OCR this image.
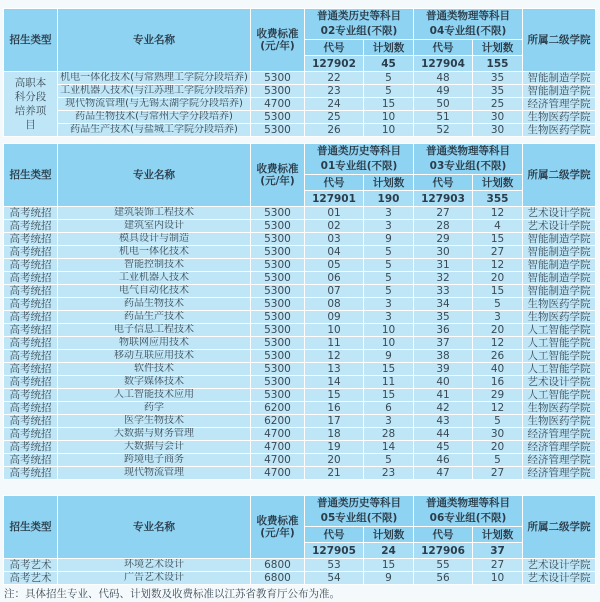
招生类型	专业名称	收费标准(元/年)	
普通类历史等科目
02专业组(不限)

普通类物理等科目
04专业组(不限)
	所属二级学院
			代号	计划数	代号	计划数	
			127902	45	127904	155	

高职本科分段培养项目	机电一体化技术(与常熟理工学院分段培养)	5300	22	5	48	35	智能制造学院
	工业机器人技术(与江苏理工学院分段培养)	5300	23	5	49	35	智能制造学院
	现代物流管理(与无锡太湖学院分段培养)	4700	24	15	50	25	经济管理学院
	药品生物技术(与常州大学分段培养)	5300	25	10	51	30	生物医药学院
	药品生产技术(与盐城工学院分段培养)	5300	26	10	52	30	生物医药学院
招生类型	专业名称	收费标准(元/年)	
普通类历史等科目
01专业组(不限)

普通类物理等科目
03专业组(不限)
	所属二级学院
			代号	计划数	代号	计划数	
			127901	190	127903	355	

高考统招	建筑装饰工程技术	5300	01	3	27	12	艺术设计学院
高考统招	建筑室内设计	5300	02	3	28	4	艺术设计学院
高考统招	模具设计与制造	5300	03	9	29	15	智能制造学院
高考统招	机电一体化技术	5300	04	5	30	27	智能制造学院
高考统招	智能控制技术	5300	05	5	31	12	智能制造学院
高考统招	工业机器人技术	5300	06	5	32	20	智能制造学院
高考统招	电气自动化技术	5300	07	5	33	15	智能制造学院
高考统招	药品生物技术	5300	08	3	34	5	生物医药学院
高考统招	药品生产技术	5300	09	3	35	3	生物医药学院
高考统招	电子信息工程技术	5300	10	10	36	20	人工智能学院
高考统招	物联网应用技术	5300	11	10	37	12	人工智能学院
高考统招	移动互联应用技术	5300	12	9	38	26	人工智能学院
高考统招	软件技术	5300	13	15	39	40	人工智能学院
高考统招	数字媒体技术	5300	14	11	40	16	艺术设计学院
高考统招	人工智能技术应用	5300	15	15	41	29	人工智能学院
高考统招	药学	6200	16	6	42	12	生物医药学院
高考统招	医学生物技术	6200	17	3	43	5	生物医药学院
高考统招	大数据与财务管理	4700	18	28	44	30	经济管理学院
高考统招	大数据与会计	4700	19	14	45	20	经济管理学院
高考统招	跨境电子商务	4700	20	5	46	5	经济管理学院
高考统招	现代物流管理	4700	21	23	47	27	经济管理学院
招生类型	专业名称	收费标准(元/年)	
普通类历史等科目
05专业组(不限)

普通类物理等科目
06专业组(不限)
	所属二级学院
			代号	计划数	代号	计划数	
			127905	24	127906	37	

高考艺术	环境艺术设计	6800	53	15	55	27	艺术设计学院
高考艺术	广告艺术设计	6800	54	9	56	10	艺术设计学院
注：具体招生专业、代码、计划数及收费标准以江苏省教育厅公布为准。
